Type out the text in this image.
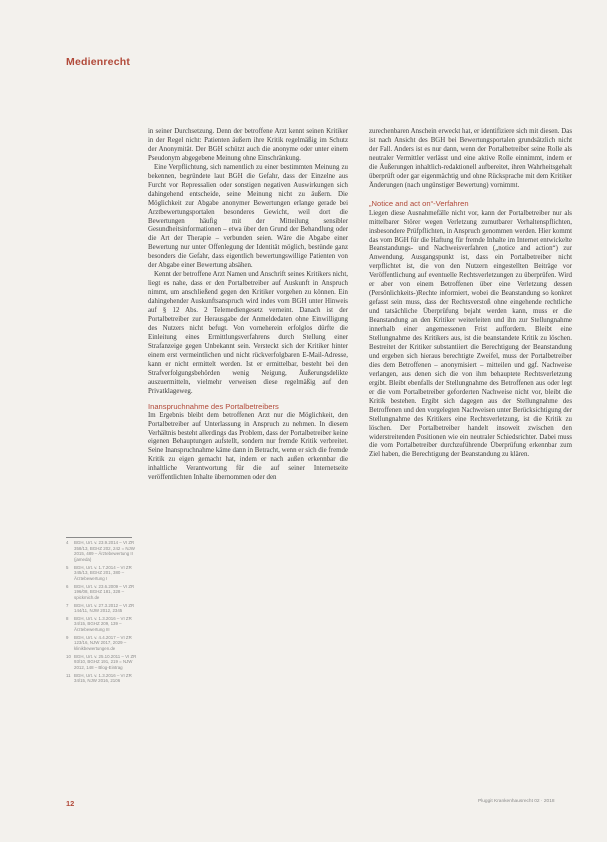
Medienrecht

in seiner Durchsetzung. Denn der betroffene Arzt kennt seinen Kritiker in der Regel nicht: Patienten äußern ihre Kritik regelmäßig im Schutz der Anonymität. Der BGH schützt auch die anonyme oder unter einem Pseudonym abgegebene Meinung ohne Einschränkung.

Eine Verpflichtung, sich namentlich zu einer bestimmten Meinung zu bekennen, begründete laut BGH die Gefahr, dass der Einzelne aus Furcht vor Repressalien oder sonstigen negativen Auswirkungen sich dahingehend entscheide, seine Meinung nicht zu äußern. Die Möglichkeit zur Abgabe anonymer Bewertungen erlange gerade bei Arztbewertungsportalen besonderes Gewicht, weil dort die Bewertungen häufig mit der Mitteilung sensibler Gesundheitsinformationen – etwa über den Grund der Behandlung oder die Art der Therapie – verbunden seien. Wäre die Abgabe einer Bewertung nur unter Offenlegung der Identität möglich, bestünde ganz besonders die Gefahr, dass eigentlich bewertungswillige Patienten von der Abgabe einer Bewertung absähen.

Kennt der betroffene Arzt Namen und Anschrift seines Kritikers nicht, liegt es nahe, dass er den Portalbetreiber auf Auskunft in Anspruch nimmt, um anschließend gegen den Kritiker vorgehen zu können. Ein dahingehender Auskunftsanspruch wird indes vom BGH unter Hinweis auf § 12 Abs. 2 Telemediengesetz verneint. Danach ist der Portalbetreiber zur Herausgabe der Anmeldedaten ohne Einwilligung des Nutzers nicht befugt. Von vorneherein erfolglos dürfte die Einleitung eines Ermittlungsverfahrens durch Stellung einer Strafanzeige gegen Unbekannt sein. Versteckt sich der Kritiker hinter einem erst vermeintlichen und nicht rückverfolgbaren E-Mail-Adresse, kann er nicht ermittelt werden. Ist er ermittelbar, besteht bei den Strafverfolgungsbehörden wenig Neigung, Äußerungsdelikte auszuermitteln, vielmehr verweisen diese regelmäßig auf den Privatklageweg.

Inanspruchnahme des Portalbetreibers

Im Ergebnis bleibt dem betroffenen Arzt nur die Möglichkeit, den Portalbetreiber auf Unterlassung in Anspruch zu nehmen. In diesem Verhältnis besteht allerdings das Problem, dass der Portalbetreiber keine eigenen Behauptungen aufstellt, sondern nur fremde Kritik verbreitet. Seine Inanspruchnahme käme dann in Betracht, wenn er sich die fremde Kritik zu eigen gemacht hat, indem er nach außen erkennbar die inhaltliche Verantwortung für die auf seiner Internetseite veröffentlichten Inhalte übernommen oder den

zurechenbaren Anschein erweckt hat, er identifiziere sich mit diesen. Das ist nach Ansicht des BGH bei Bewertungsportalen grundsätzlich nicht der Fall. Anders ist es nur dann, wenn der Portalbetreiber seine Rolle als neutraler Vermittler verlässt und eine aktive Rolle einnimmt, indem er die Äußerungen inhaltlich-redaktionell aufbereitet, ihren Wahrheitsgehalt überprüft oder gar eigenmächtig und ohne Rücksprache mit dem Kritiker Änderungen (nach ungünstiger Bewertung) vornimmt.

„Notice and act on“-Verfahren

Liegen diese Ausnahmefälle nicht vor, kann der Portalbetreiber nur als mittelbarer Störer wegen Verletzung zumutbarer Verhaltenspflichten, insbesondere Prüfpflichten, in Anspruch genommen werden. Hier kommt das vom BGH für die Haftung für fremde Inhalte im Internet entwickelte Beanstandungs- und Nachweisverfahren („notice and action“) zur Anwendung. Ausgangspunkt ist, dass ein Portalbetreiber nicht verpflichtet ist, die von den Nutzern eingestellten Beiträge vor Veröffentlichung auf eventuelle Rechtsverletzungen zu überprüfen. Wird er aber von einem Betroffenen über eine Verletzung dessen (Persönlichkeits-)Rechte informiert, wobei die Beanstandung so konkret gefasst sein muss, dass der Rechtsverstoß ohne eingehende rechtliche und tatsächliche Überprüfung bejaht werden kann, muss er die Beanstandung an den Kritiker weiterleiten und ihn zur Stellungnahme innerhalb einer angemessenen Frist auffordern. Bleibt eine Stellungnahme des Kritikers aus, ist die beanstandete Kritik zu löschen. Bestreitet der Kritiker substantiiert die Berechtigung der Beanstandung und ergeben sich hieraus berechtigte Zweifel, muss der Portalbetreiber dies dem Betroffenen – anonymisiert – mitteilen und ggf. Nachweise verlangen, aus denen sich die von ihm behauptete Rechtsverletzung ergibt. Bleibt ebenfalls der Stellungnahme des Betroffenen aus oder legt er die vom Portalbetreiber geforderten Nachweise nicht vor, bleibt die Kritik bestehen. Ergibt sich dagegen aus der Stellungnahme des Betroffenen und den vorgelegten Nachweisen unter Berücksichtigung der Stellungnahme des Kritikers eine Rechtsverletzung, ist die Kritik zu löschen. Der Portalbetreiber handelt insoweit zwischen den widerstreitenden Positionen wie ein neutraler Schiedsrichter. Dabei muss die vom Portalbetreiber durchzuführende Überprüfung erkennbar zum Ziel haben, die Berechtigung der Beanstandung zu klären.

4	BGH, Urt. v. 23.9.2014 – VI ZR 358/13, BGHZ 202, 242 = NJW 2015, 489 – Ärztebewertung II (jameda)
5	BGH, Urt. v. 1.7.2014 – VI ZR 345/13, BGHZ 201, 380 – Ärztebewertung I
6	BGH, Urt. v. 23.6.2009 – VI ZR 196/08, BGHZ 181, 328 – spickmich.de
7	BGH, Urt. v. 27.3.2012 – VI ZR 144/11, NJW 2012, 2345
8	BGH, Urt. v. 1.3.2016 – VI ZR 34/15, BGHZ 209, 139 – Ärztebewertung III
9	BGH, Urt. v. 4.4.2017 – VI ZR 123/16, NJW 2017, 2029 – klinikbewertungen.de
10 BGH, Urt. v. 25.10.2011 – VI ZR 93/10, BGHZ 191, 219 = NJW 2012, 148 – Blog-Eintrag
11 BGH, Urt. v. 1.3.2016 – VI ZR 34/15, NJW 2016, 2106

12	Pluggit Krankenhausrecht 02 · 2018
